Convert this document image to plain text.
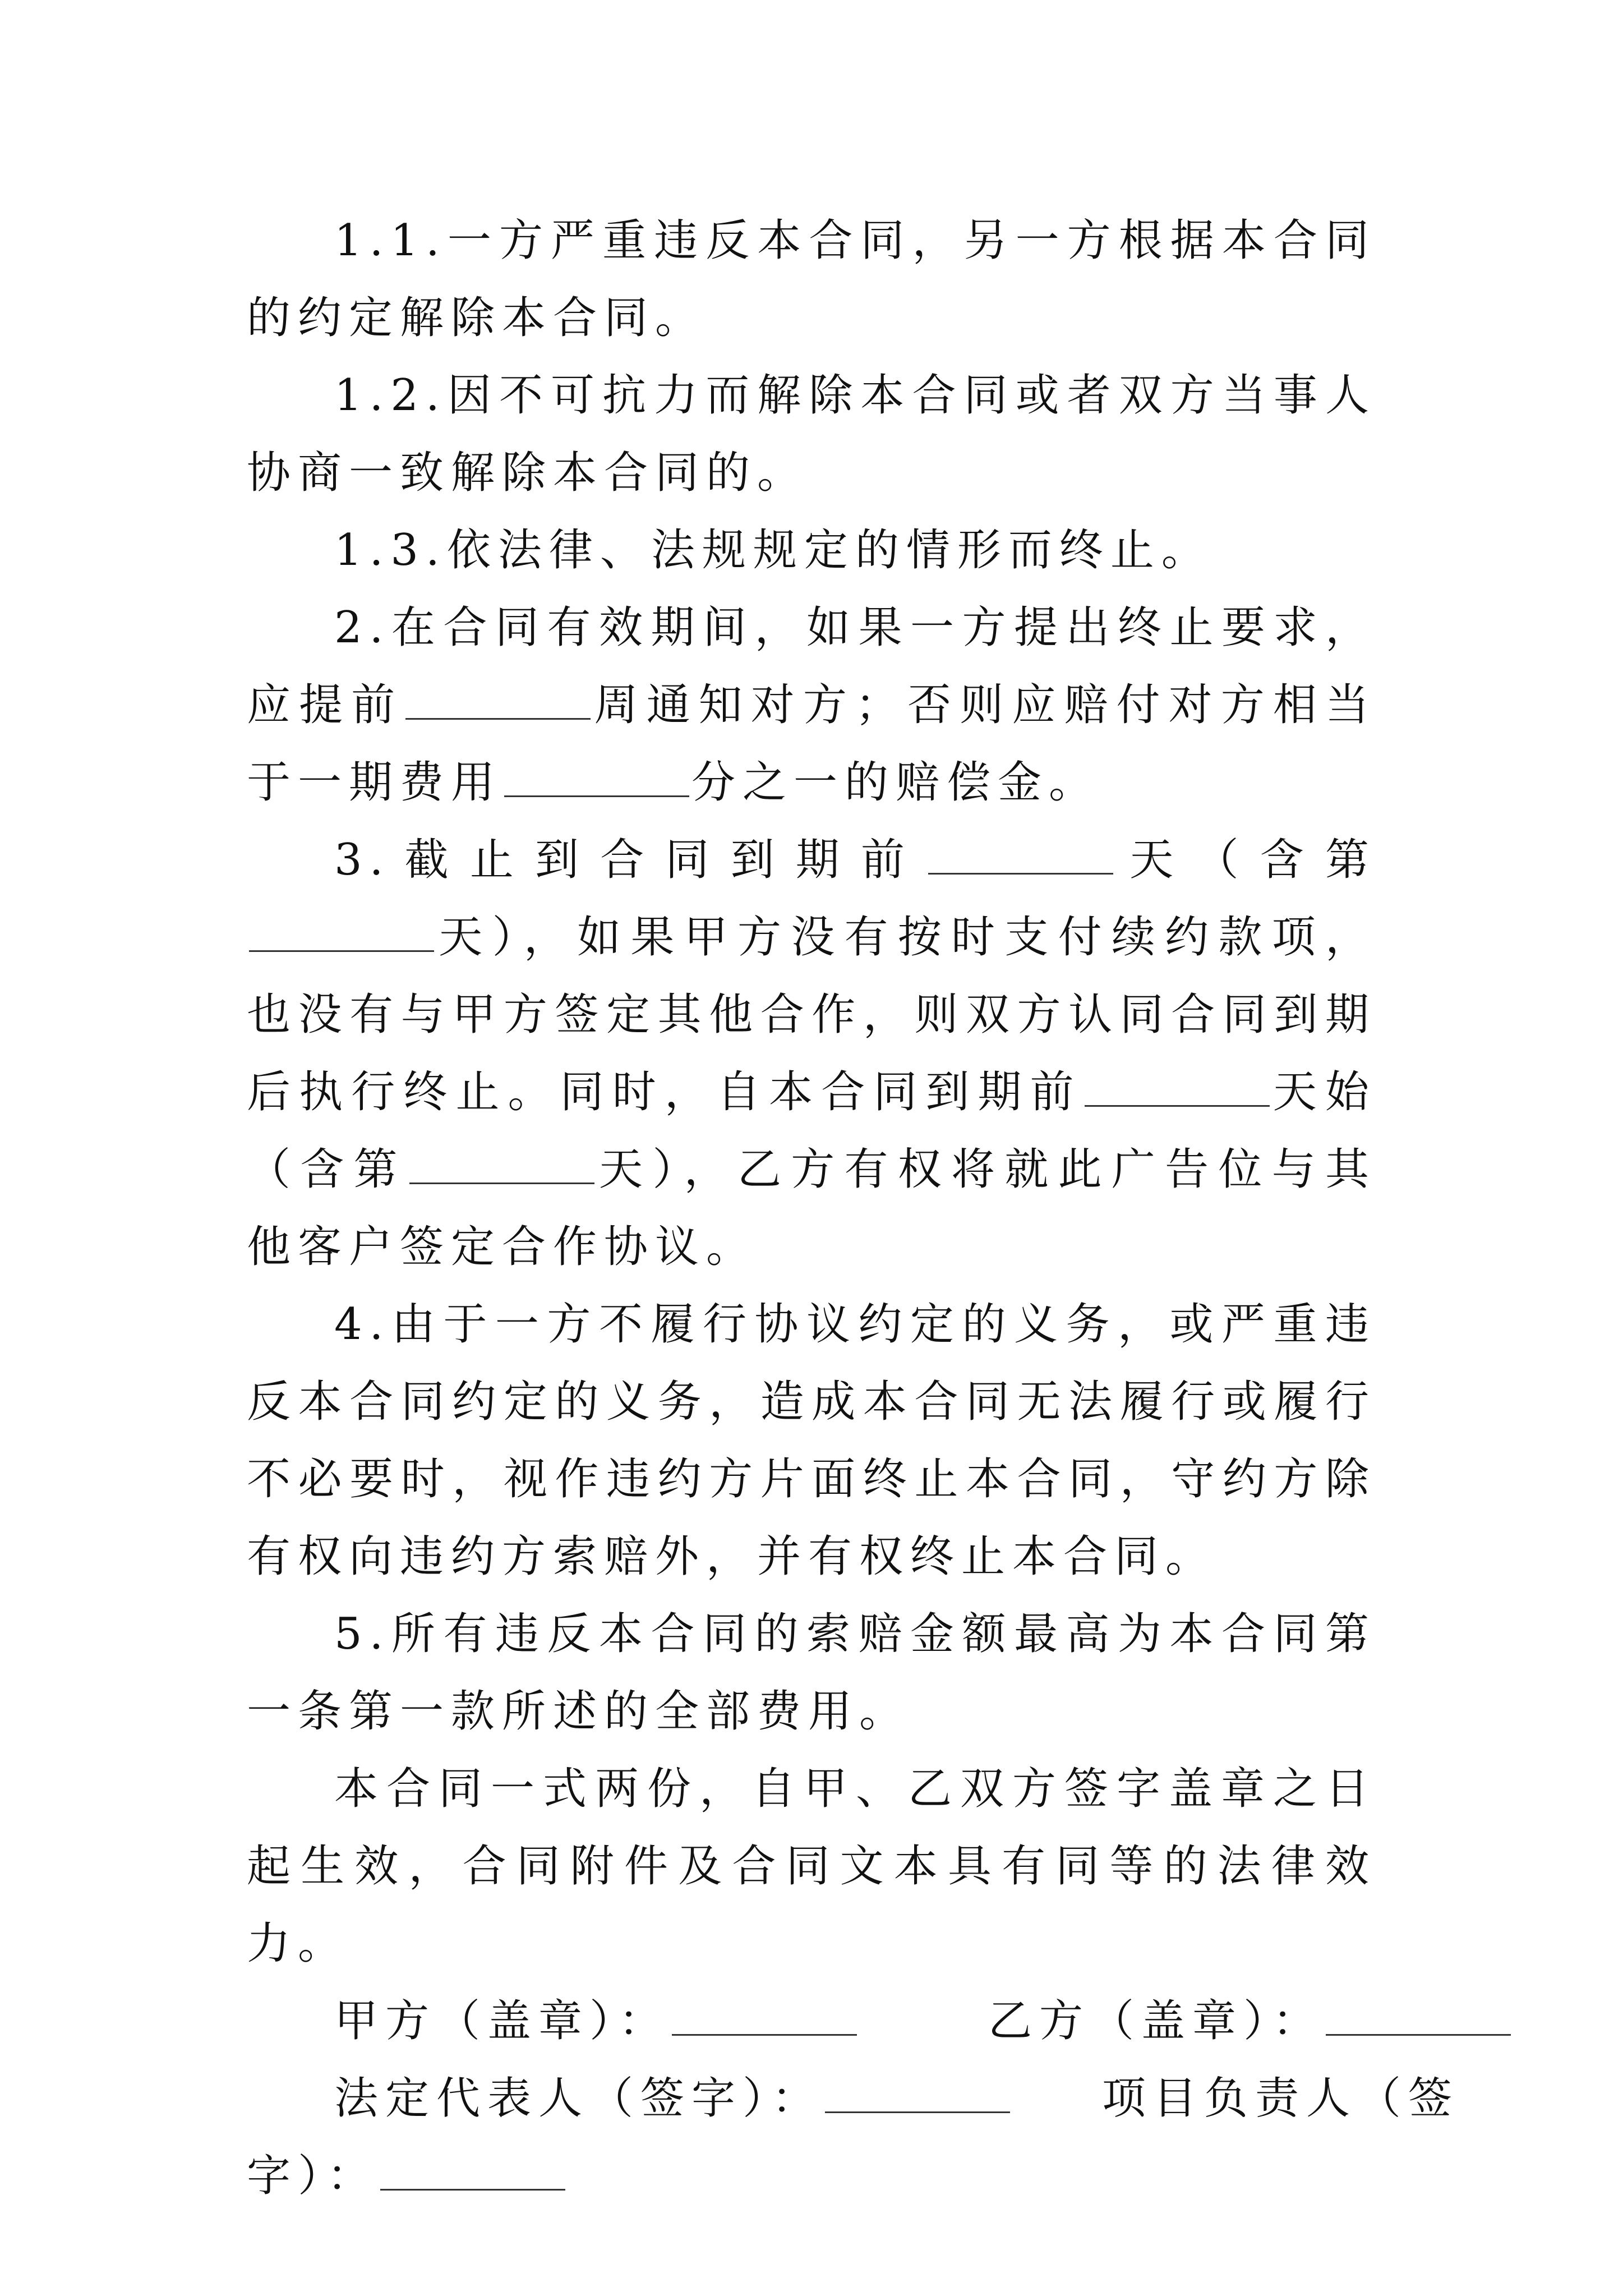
1.1.一方严重违反本合同，另一方根据本合同的约定解除本合同。

1.2.因不可抗力而解除本合同或者双方当事人协商一致解除本合同的。

1.3.依法律、法规规定的情形而终止。

2.在合同有效期间，如果一方提出终止要求，应提前	周通知对方；否则应赔付对方相当于一期费用	分之一的赔偿金。

3.截止到合同到期前	天（含第天），如果甲方没有按时支付续约款项，也没有与甲方签定其他合作，则双方认同合同到期后执行终止。同时，自本合同到期前	天始（含第	天），乙方有权将就此广告位与其他客户签定合作协议。

4.由于一方不履行协议约定的义务，或严重违反本合同约定的义务，造成本合同无法履行或履行不必要时，视作违约方片面终止本合同，守约方除有权向违约方索赔外，并有权终止本合同。

5.所有违反本合同的索赔金额最高为本合同第一条第一款所述的全部费用。

本合同一式两份，自甲、乙双方签字盖章之日起生效，合同附件及合同文本具有同等的法律效力。

甲方（盖章）：	乙方（盖章）：

法定代表人（签字）：	项目负责人（签

字）：
